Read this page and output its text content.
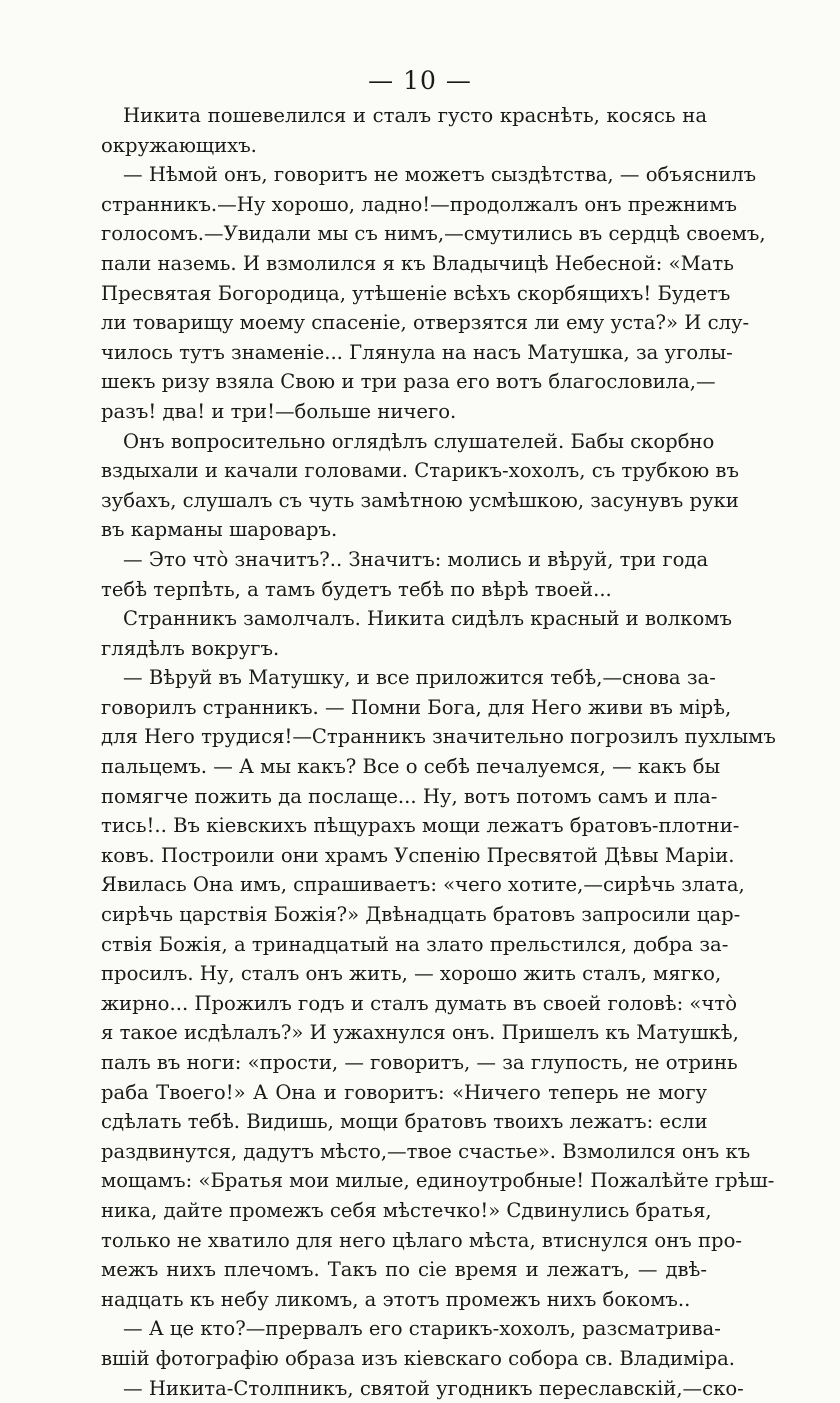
— 10 —
Никита пошевелился и сталъ густо краснѣть, косясь на
окружающихъ.
— Нѣмой онъ, говоритъ не можетъ сыздѣтства, — объяснилъ
странникъ.—Ну хорошо, ладно!—продолжалъ онъ прежнимъ
голосомъ.—Увидали мы съ нимъ,—смутились въ сердцѣ своемъ,
пали наземь. И взмолился я къ Владычицѣ Небесной: «Мать
Пресвятая Богородица, утѣшеніе всѣхъ скорбящихъ! Будетъ
ли товарищу моему спасеніе, отверзятся ли ему уста?» И слу-
чилось тутъ знаменіе... Глянула на насъ Матушка, за уголы-
шекъ ризу взяла Свою и три раза его вотъ благословила,—
разъ! два! и три!—больше ничего.
Онъ вопросительно оглядѣлъ слушателей. Бабы скорбно
вздыхали и качали головами. Старикъ-хохолъ, съ трубкою въ
зубахъ, слушалъ съ чуть замѣтною усмѣшкою, засунувъ руки
въ карманы шароваръ.
— Это что̀ значитъ?.. Значитъ: молись и вѣруй, три года
тебѣ терпѣть, а тамъ будетъ тебѣ по вѣрѣ твоей...
Странникъ замолчалъ. Никита сидѣлъ красный и волкомъ
глядѣлъ вокругъ.
— Вѣруй въ Матушку, и все приложится тебѣ,—снова за-
говорилъ странникъ. — Помни Бога, для Него живи въ мірѣ,
для Него трудися!—Странникъ значительно погрозилъ пухлымъ
пальцемъ. — А мы какъ? Все о себѣ печалуемся, — какъ бы
помягче пожить да послаще... Ну, вотъ потомъ самъ и пла-
тись!.. Въ кіевскихъ пѣщурахъ мощи лежатъ братовъ-плотни-
ковъ. Построили они храмъ Успенію Пресвятой Дѣвы Маріи.
Явилась Она имъ, спрашиваетъ: «чего хотите,—сирѣчь злата,
сирѣчь царствія Божія?» Двѣнадцать братовъ запросили цар-
ствія Божія, а тринадцатый на злато прельстился, добра за-
просилъ. Ну, сталъ онъ жить, — хорошо жить сталъ, мягко,
жирно... Прожилъ годъ и сталъ думать въ своей головѣ: «что̀
я такое исдѣлалъ?» И ужахнулся онъ. Пришелъ къ Матушкѣ,
палъ въ ноги: «прости, — говоритъ, — за глупость, не отринь
раба Твоего!» А Она и говоритъ: «Ничего теперь не могу
сдѣлать тебѣ. Видишь, мощи братовъ твоихъ лежатъ: если
раздвинутся, дадутъ мѣсто,—твое счастье». Взмолился онъ къ
мощамъ: «Братья мои милые, единоутробные! Пожалѣйте грѣш-
ника, дайте промежъ себя мѣстечко!» Сдвинулись братья,
только не хватило для него цѣлаго мѣста, втиснулся онъ про-
межъ нихъ плечомъ. Такъ по сіе время и лежатъ, — двѣ-
надцать къ небу ликомъ, а этотъ промежъ нихъ бокомъ..
— А це кто?—прервалъ его старикъ-хохолъ, разсматрива-
вшій фотографію образа изъ кіевскаго собора св. Владиміра.
— Никита-Столпникъ, святой угодникъ переславскій,—ско-
